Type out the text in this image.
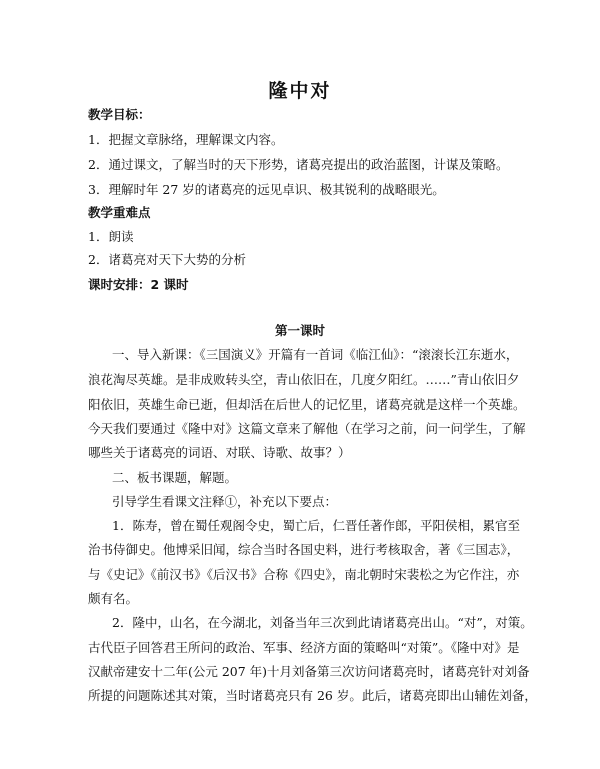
隆中对
教学目标：
1．把握文章脉络，理解课文内容。
2．通过课文，了解当时的天下形势，诸葛亮提出的政治蓝图，计谋及策略。
3．理解时年 27 岁的诸葛亮的远见卓识、极其锐利的战略眼光。
教学重难点
1．朗读
2．诸葛亮对天下大势的分析
课时安排：2 课时
第一课时
一、导入新课：《三国演义》开篇有一首词《临江仙》：“滚滚长江东逝水，
浪花淘尽英雄。是非成败转头空，青山依旧在，几度夕阳红。……”青山依旧夕
阳依旧，英雄生命已逝，但却活在后世人的记忆里，诸葛亮就是这样一个英雄。
今天我们要通过《隆中对》这篇文章来了解他（在学习之前，问一问学生，了解
哪些关于诸葛亮的词语、对联、诗歌、故事？）
二、板书课题，解题。
引导学生看课文注释①，补充以下要点：
1．陈寿，曾在蜀任观阁令史，蜀亡后，仁晋任著作郎，平阳侯相，累官至
治书侍御史。他博采旧闻，综合当时各国史料，进行考核取舍，著《三国志》，
与《史记》《前汉书》《后汉书》合称《四史》，南北朝时宋裴松之为它作注，亦
颇有名。
2．隆中，山名，在今湖北，刘备当年三次到此请诸葛亮出山。“对”，对策。
古代臣子回答君王所问的政治、军事、经济方面的策略叫“对策”。《隆中对》是
汉献帝建安十二年(公元 207 年)十月刘备第三次访问诸葛亮时，诸葛亮针对刘备
所提的问题陈述其对策，当时诸葛亮只有 26 岁。此后，诸葛亮即出山辅佐刘备，
